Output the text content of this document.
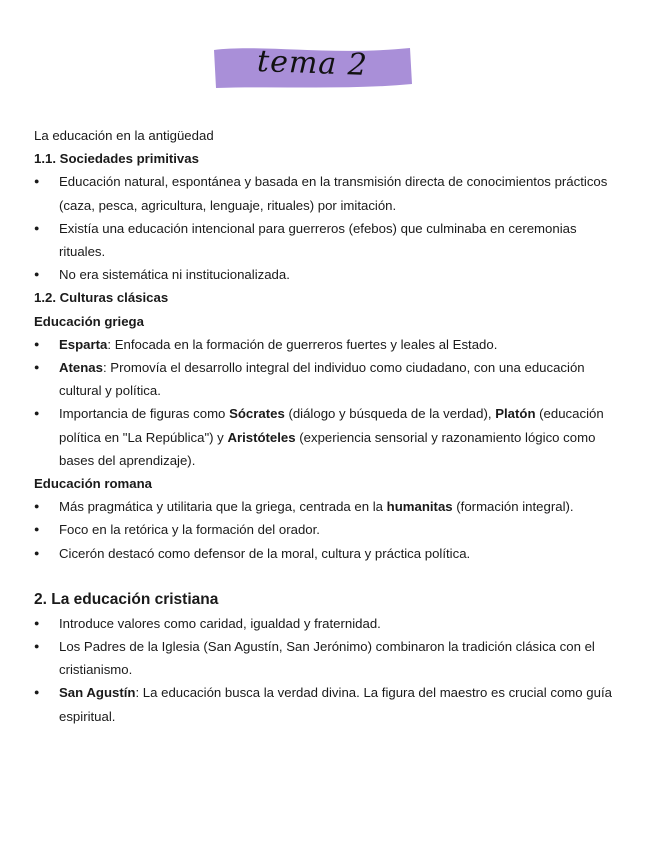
tema 2

La educación en la antigüedad

1.1. Sociedades primitivas

● Educación natural, espontánea y basada en la transmisión directa de conocimientos prácticos (caza, pesca, agricultura, lenguaje, rituales) por imitación.
● Existía una educación intencional para guerreros (efebos) que culminaba en ceremonias rituales.
● No era sistemática ni institucionalizada.

1.2. Culturas clásicas

Educación griega

● Esparta: Enfocada en la formación de guerreros fuertes y leales al Estado.
● Atenas: Promovía el desarrollo integral del individuo como ciudadano, con una educación cultural y política.
● Importancia de figuras como Sócrates (diálogo y búsqueda de la verdad), Platón (educación política en "La República") y Aristóteles (experiencia sensorial y razonamiento lógico como bases del aprendizaje).

Educación romana

● Más pragmática y utilitaria que la griega, centrada en la humanitas (formación integral).
● Foco en la retórica y la formación del orador.
● Cicerón destacó como defensor de la moral, cultura y práctica política.

2. La educación cristiana

● Introduce valores como caridad, igualdad y fraternidad.
● Los Padres de la Iglesia (San Agustín, San Jerónimo) combinaron la tradición clásica con el cristianismo.
● San Agustín: La educación busca la verdad divina. La figura del maestro es crucial como guía espiritual.
